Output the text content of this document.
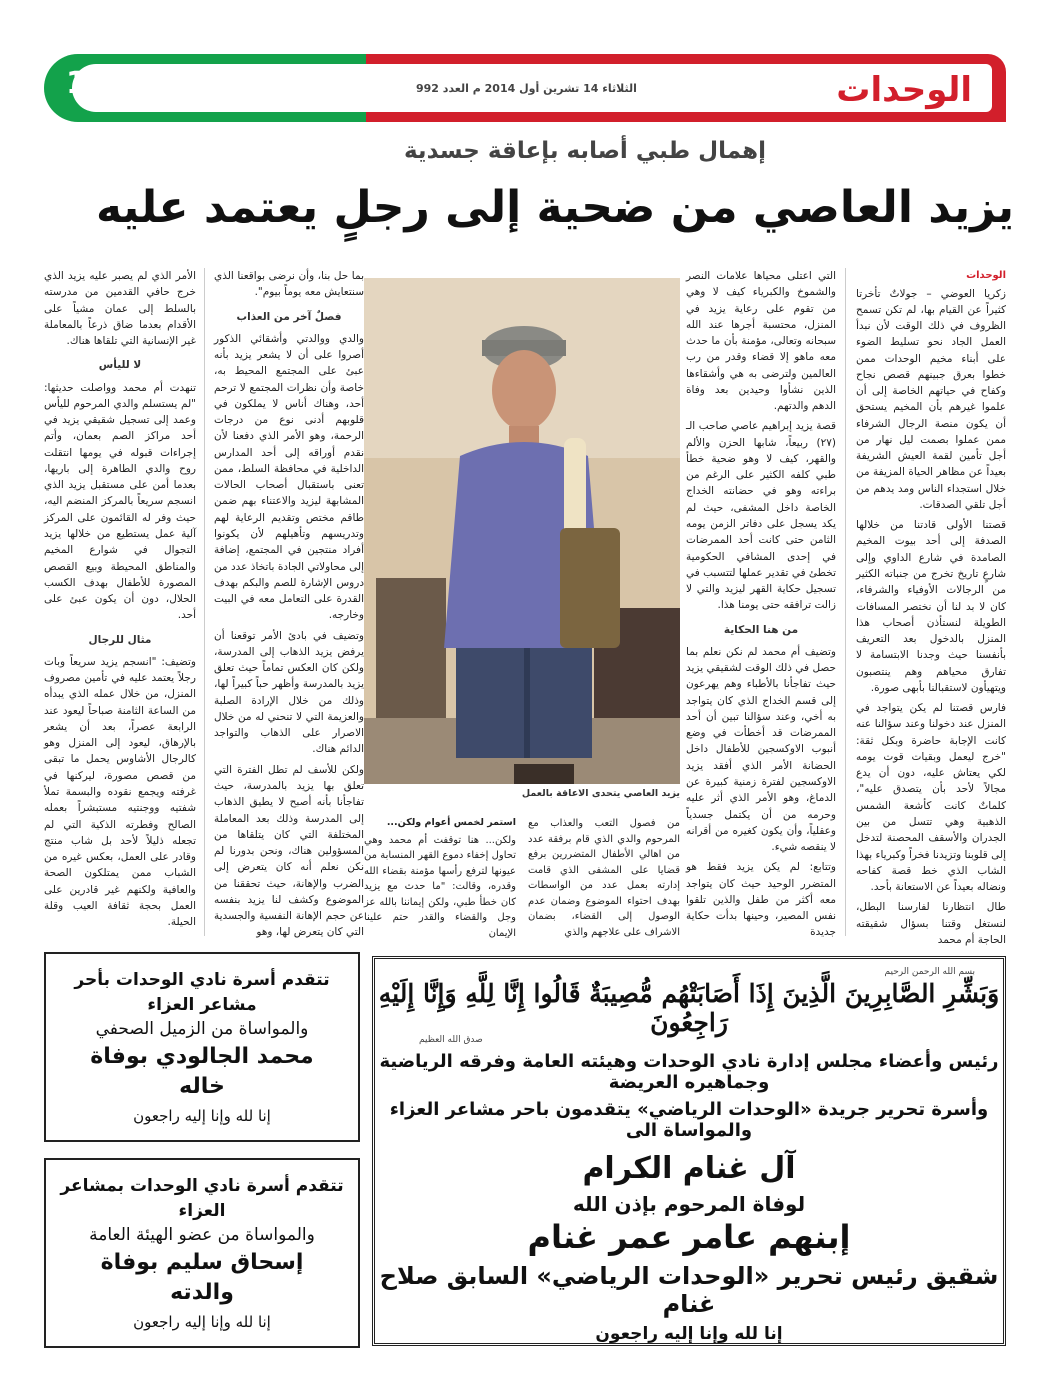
الوحدات
الثلاثاء 14 تشرين أول 2014 م العدد 992
بسمة أمل 15
إهمال طبي أصابه بإعاقة جسدية
يزيد العاصي من ضحية إلى رجلٍ يعتمد عليه
الوحدات

زكريا العوضي – جولاتٌ تأخرتا كثيراً عن القيام بها، لم تكن تسمح الظروف في ذلك الوقت لأن نبدأ العمل الجاد نحو تسليط الضوء على أبناء مخيم الوحدات ممن خطوا بعرق جبينهم قصص نجاح وكفاح في حياتهم الخاصة إلى أن علموا غيرهم بأن المخيم يستحق أن يكون منصة الرجال الشرفاء ممن عملوا بصمت ليل نهار من أجل تأمين لقمة العيش الشريفة بعيداً عن مظاهر الحياة المزيفة من خلال استجداء الناس ومد يدهم من أجل تلقي الصدقات.

قصتنا الأولى قادتنا من خلالها الصدفة إلى أحد بيوت المخيم الصامدة في شارع الداوي وإلى شارعٍ تاريخ تخرج من جنباته الكثير من الرجالات الأوفياء والشرفاء، كان لا بد لنا أن نختصر المسافات الطويلة لنستأذن أصحاب هذا المنزل بالدخول بعد التعريف بأنفسنا حيث وجدنا الابتسامة لا تفارق محياهم وهم ينتصبون ويتهيأون لاستقبالنا بأبهى صورة.

فارس قصتنا لم يكن يتواجد في المنزل عند دخولنا وعند سؤالنا عنه كانت الإجابة حاضرة وبكل ثقة: "خرج ليعمل وبقيات قوت يومه لكي يعتاش عليه، دون أن يدع مجالاً لأحد بأن يتصدق عليه"، كلماتٌ كانت كأشعة الشمس الذهبية وهي تتسل من بين الجدران والأسقف المحصنة لتدخل إلى قلوبنا وتزيدنا فخراً وكبرياء بهذا الشاب الذي خط قصة كفاحه ونضاله بعيداً عن الاستعانة بأحد.

طال انتظارنا لفارسنا البطل، لنستغل وقتنا بسؤال شقيقته الحاجة أم محمد

التي اعتلى محياها علامات النصر والشموخ والكبرياء كيف لا وهي من تقوم على رعاية يزيد في المنزل، محتسبة أجرها عند الله سبحانه وتعالى، مؤمنة بأن ما حدث معه ماهو إلا قضاء وقدر من رب العالمين ولترضى به هي وأشقاءها الذين نشأوا وحيدين بعد وفاة الدهم والدتهم.

قصة يزيد إبراهيم عاصي صاحب الـ (٢٧) ربيعاً، شابها الحزن والألم والقهر، كيف لا وهو ضحية خطأ طبي كلفه الكثير على الرغم من براءته وهو في حضانته الخداج الخاصة داخل المشفى، حيث لم يكد يسجل على دفاتر الزمن يومه الثامن حتى كانت أحد الممرضات في إحدى المشافي الحكومية تخطئ في تقدير عملها لتتسبب في تسجيل حكاية القهر ليزيد والتي لا زالت ترافقه حتى يومنا هذا.

من هنا الحكاية

وتضيف أم محمد لم نكن نعلم بما حصل في ذلك الوقت لشقيقي يزيد حيث تفاجأنا بالأطباء وهم يهرعون إلى قسم الخداج الذي كان يتواجد به أخي، وعند سؤالنا تبين أن أحد الممرضات قد أخطأت في وضع أنبوب الاوكسجين للأطفال داخل الحضانة الأمر الذي أفقد يزيد الاوكسجين لفترة زمنية كبيرة عن الدماغ، وهو الأمر الذي أثر عليه وحرمه من أن يكتمل جسدياً وعقلياً، وأن يكون كغيره من أقرانه لا ينقصه شيء.

وتتابع: لم يكن يزيد فقط هو المتضرر الوحيد حيث كان يتواجد معه أكثر من طفل والذين تلقوا نفس المصير، وحينها بدأت حكاية جديدة

يزيد العاصي يتحدى الاعاقة بالعمل

من فصول التعب والعذاب مع المرحوم والدي الذي قام برفقة عدد من اهالي الأطفال المتضررين برفع قضايا على المشفى الذي قامت إدارته بعمل عدد من الواسطات بهدف احتواء الموضوع وضمان عدم الوصول إلى القضاء، بضمان الاشراف على علاجهم والذي

استمر لخمس أعوام ولكن...

ولكن... هنا توقفت أم محمد وهي تحاول إخفاء دموع القهر المنسابة من عيونها لترفع رأسها مؤمنة بقضاء الله وقدره، وقالت: "ما حدث مع يزيد كان خطأ طبي، ولكن إيماننا بالله عز وجل والقضاء والقدر حتم علينا الإيمان

بما حل بنا، وأن نرضى بواقعنا الذي سنتعايش معه يوماً بيوم".

فصلٌ آخر من العذاب

والدي ووالدتي وأشقائي الذكور أصروا على أن لا يشعر يزيد بأنه عبئ على المجتمع المحيط به، خاصة وأن نظرات المجتمع لا ترحم أحد، وهناك أناس لا يملكون في قلوبهم أدنى نوع من درجات الرحمة، وهو الأمر الذي دفعنا لأن نقدم أوراقه إلى أحد المدارس الداخلية في محافظة السلط، ممن تعنى باستقبال أصحاب الحالات المشابهة ليزيد والاعتناء بهم ضمن طاقم مختص وتقديم الرعاية لهم وتدريسهم وتأهيلهم لأن يكونوا أفراد منتجين في المجتمع، إضافة إلى محاولاتي الجادة باتخاذ عدد من دروس الإشارة للصم والبكم بهدف القدرة على التعامل معه في البيت وخارجه.

وتضيف في بادئ الأمر توقعنا أن يرفض يزيد الذهاب إلى المدرسة، ولكن كان العكس تماماً حيث تعلق يزيد بالمدرسة وأظهر حباً كبيراً لها، وذلك من خلال الإرادة الصلبة والعزيمة التي لا تنحني له من خلال الاصرار على الذهاب والتواجد الدائم هناك.

ولكن للأسف لم تطل الفترة التي تعلق بها يزيد بالمدرسة، حيث تفاجأنا بأنه أصبح لا يطيق الذهاب إلى المدرسة وذلك بعد المعاملة المختلفة التي كان يتلقاها من المسؤولين هناك، ونحن بدورنا لم نكن نعلم أنه كان يتعرض إلى الضرب والإهانة، حيث تحققنا من الموضوع وكشف لنا يزيد بنفسه عن حجم الإهانة النفسية والجسدية التي كان يتعرض لها، وهو

الأمر الذي لم يصبر عليه يزيد الذي خرج حافي القدمين من مدرسته بالسلط إلى عمان مشياً على الأقدام بعدما ضاق ذرعاً بالمعاملة غير الإنسانية التي تلقاها هناك.

لا لليأس

تنهدت أم محمد وواصلت حديثها: "لم يستسلم والدي المرحوم لليأس وعمد إلى تسجيل شقيقي يزيد في أحد مراكز الصم بعمان، وأتم إجراءات قبوله في يومها انتقلت روح والدي الطاهرة إلى باريها، بعدما أمن على مستقبل يزيد الذي انسجم سريعاً بالمركز المنضم اليه، حيث وفر له القائمون على المركز آلية عمل يستطيع من خلالها يزيد التجوال في شوارع المخيم والمناطق المحيطة وبيع القصص المصورة للأطفال بهدف الكسب الحلال، دون أن يكون عبئ على أحد.

مثال للرجال

وتضيف: "انسجم يزيد سريعاً وبات رجلاً يعتمد عليه في تأمين مصروف المنزل، من خلال عمله الذي يبدأه من الساعة الثامنة صباحاً ليعود عند الرابعة عصراً، بعد أن يشعر بالإرهاق، ليعود إلى المنزل وهو كالرجال الأشاوس يحمل ما تبقى من قصص مصورة، ليركنها في غرفته ويجمع نقوده والبسمة تملأ شفتيه ووجنتيه مستبشراً بعمله الصالح وفطرته الذكية التي لم تجعله ذليلاً لأحد بل شاب منتج وقادر على العمل، بعكس غيره من الشباب ممن يمتلكون الصحة والعافية ولكنهم غير قادرين على العمل بحجة ثقافة العيب وقلة الحيلة.

تتقدم أسرة نادي الوحدات بأحر مشاعر العزاء
والمواساة من الزميل الصحفي
محمد الجالودي بوفاة
خاله
إنا لله وإنا إليه راجعون
تتقدم أسرة نادي الوحدات بمشاعر العزاء
والمواساة من عضو الهيئة العامة
إسحاق سليم بوفاة
والدته
إنا لله وإنا إليه راجعون
بسم الله الرحمن الرحيم
وَبَشِّرِ الصَّابِرِينَ الَّذِينَ إِذَا أَصَابَتْهُم مُّصِيبَةٌ قَالُوا إِنَّا لِلَّهِ وَإِنَّا إِلَيْهِ رَاجِعُونَ
صدق الله العظيم
رئيس وأعضاء مجلس إدارة نادي الوحدات وهيئته العامة وفرقه الرياضية وجماهيره العريضة
وأسرة تحرير جريدة «الوحدات الرياضي» يتقدمون باحر مشاعر العزاء والمواساة الى
آل غنام الكرام
لوفاة المرحوم بإذن الله
إبنهم عامر عمر غنام
شقيق رئيس تحرير «الوحدات الرياضي» السابق صلاح غنام
إنا لله وإنا إليه راجعون
